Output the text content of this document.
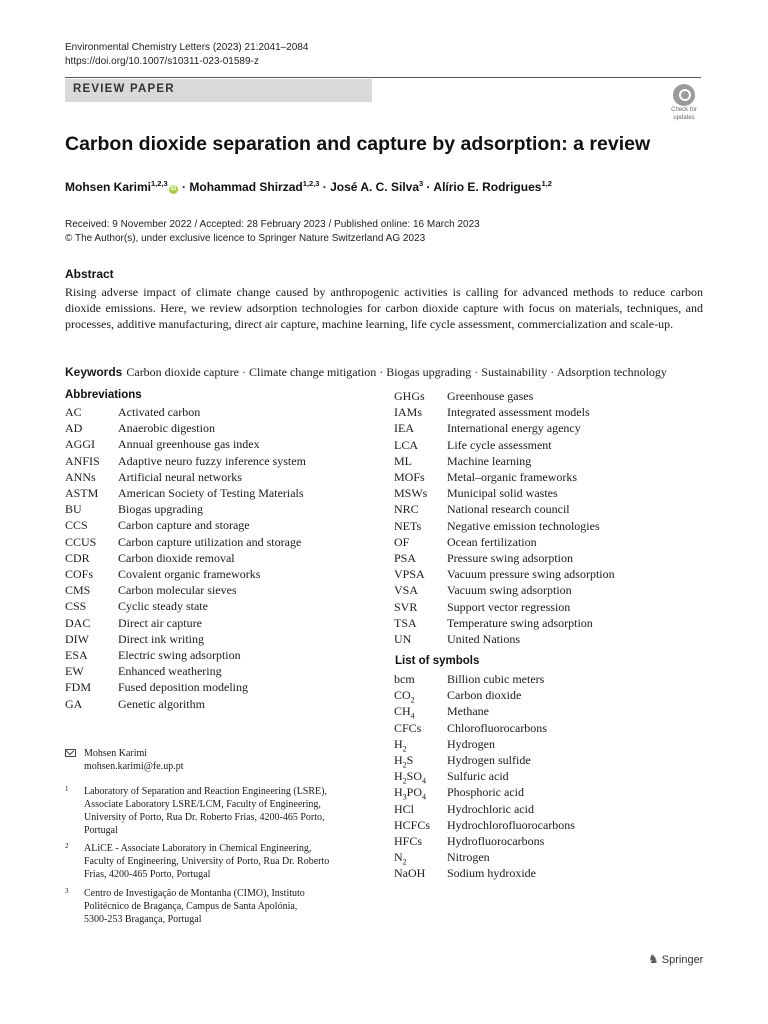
Environmental Chemistry Letters (2023) 21:2041–2084
https://doi.org/10.1007/s10311-023-01589-z
REVIEW PAPER
Check for
updates
Carbon dioxide separation and capture by adsorption: a review
Mohsen Karimi$^{1,2,3}$iD · Mohammad Shirzad$^{1,2,3}$ · José A. C. Silva$^3$ · Alírio E. Rodrigues$^{1,2}$
Received: 9 November 2022 / Accepted: 28 February 2023 / Published online: 16 March 2023
© The Author(s), under exclusive licence to Springer Nature Switzerland AG 2023
Abstract

Rising adverse impact of climate change caused by anthropogenic activities is calling for advanced methods to reduce carbon dioxide emissions. Here, we review adsorption technologies for carbon dioxide capture with focus on materials, techniques, and processes, additive manufacturing, direct air capture, machine learning, life cycle assessment, commercialization and scale-up.

Keywords Carbon dioxide capture · Climate change mitigation · Biogas upgrading · Sustainability · Adsorption technology
Abbreviations
AC	Activated carbon
AD	Anaerobic digestion
AGGI	Annual greenhouse gas index
ANFIS	Adaptive neuro fuzzy inference system
ANNs	Artificial neural networks
ASTM	American Society of Testing Materials
BU	Biogas upgrading
CCS	Carbon capture and storage
CCUS	Carbon capture utilization and storage
CDR	Carbon dioxide removal
COFs	Covalent organic frameworks
CMS	Carbon molecular sieves
CSS	Cyclic steady state
DAC	Direct air capture
DIW	Direct ink writing
ESA	Electric swing adsorption
EW	Enhanced weathering
FDM	Fused deposition modeling
GA	Genetic algorithm
GHGs	Greenhouse gases
IAMs	Integrated assessment models
IEA	International energy agency
LCA	Life cycle assessment
ML	Machine learning
MOFs	Metal–organic frameworks
MSWs	Municipal solid wastes
NRC	National research council
NETs	Negative emission technologies
OF	Ocean fertilization
PSA	Pressure swing adsorption
VPSA	Vacuum pressure swing adsorption
VSA	Vacuum swing adsorption
SVR	Support vector regression
TSA	Temperature swing adsorption
UN	United Nations
List of symbols
bcm	Billion cubic meters
$CO_2$	Carbon dioxide
$CH_4$	Methane
CFCs	Chlorofluorocarbons
$H_2$	Hydrogen
$H_2S$	Hydrogen sulfide
$H_2SO_4$	Sulfuric acid
$H_3PO_4$	Phosphoric acid
HCl	Hydrochloric acid
HCFCs	Hydrochlorofluorocarbons
HFCs	Hydrofluorocarbons
$N_2$	Nitrogen
NaOH	Sodium hydroxide
Mohsen Karimi
mohsen.karimi@fe.up.pt
1 Laboratory of Separation and Reaction Engineering (LSRE),
Associate Laboratory LSRE/LCM, Faculty of Engineering,
University of Porto, Rua Dr. Roberto Frias, 4200-465 Porto,
Portugal
2 ALiCE - Associate Laboratory in Chemical Engineering,
Faculty of Engineering, University of Porto, Rua Dr. Roberto
Frias, 4200-465 Porto, Portugal
3 Centro de Investigação de Montanha (CIMO), Instituto
Politécnico de Bragança, Campus de Santa Apolónia,
5300-253 Bragança, Portugal
♞ Springer
